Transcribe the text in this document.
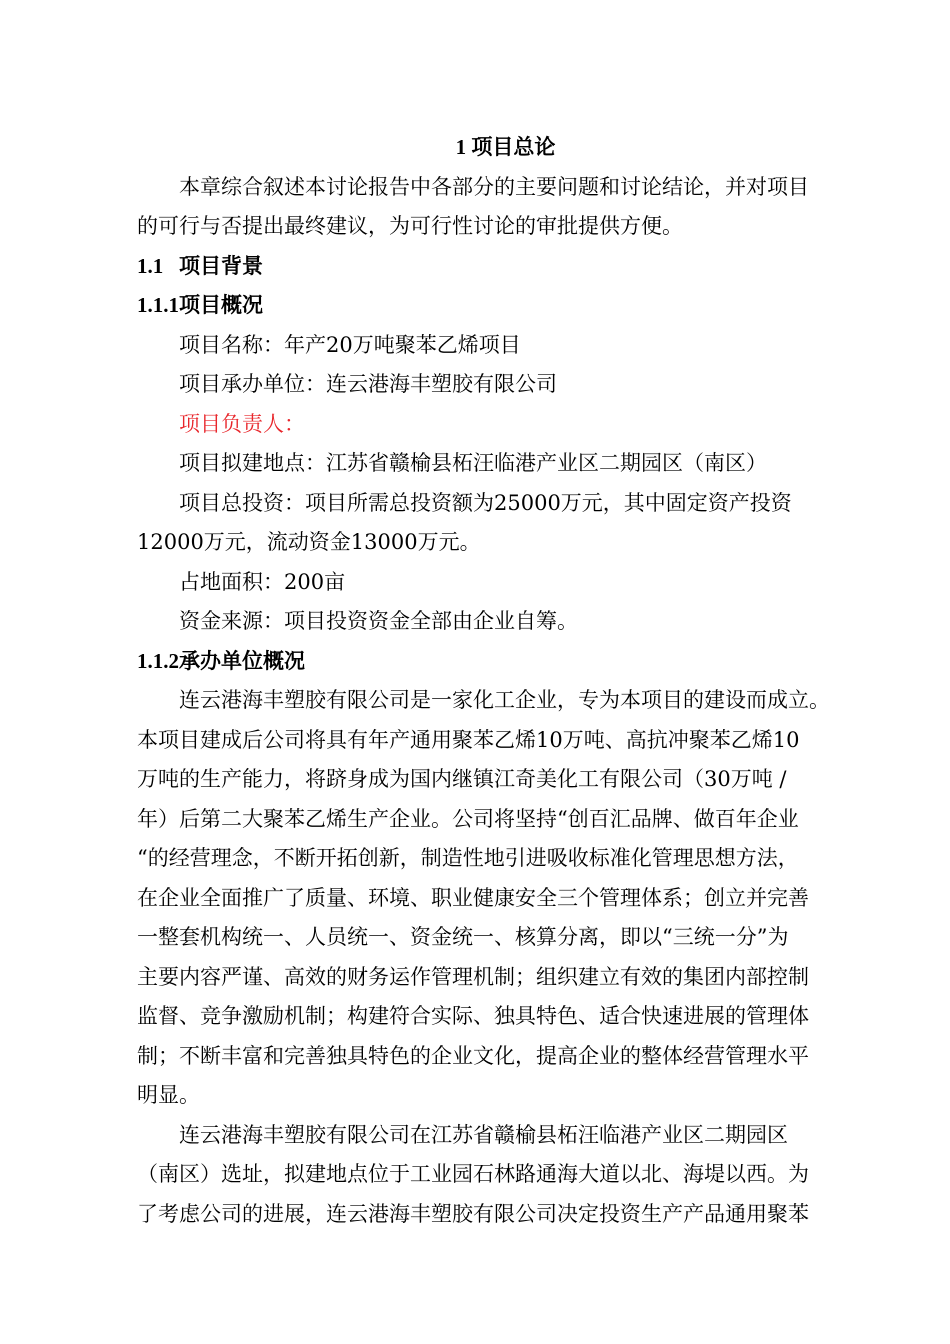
1 项目总论
本章综合叙述本讨论报告中各部分的主要问题和讨论结论，并对项目
的可行与否提出最终建议，为可行性讨论的审批提供方便。
1.1   项目背景
1.1.1项目概况
项目名称：年产20万吨聚苯乙烯项目
项目承办单位：连云港海丰塑胶有限公司
项目负责人：
项目拟建地点：江苏省赣榆县柘汪临港产业区二期园区（南区）
项目总投资：项目所需总投资额为25000万元，其中固定资产投资
12000万元，流动资金13000万元。
占地面积：200亩
资金来源：项目投资资金全部由企业自筹。
1.1.2承办单位概况
连云港海丰塑胶有限公司是一家化工企业，专为本项目的建设而成立。
本项目建成后公司将具有年产通用聚苯乙烯10万吨、高抗冲聚苯乙烯10
万吨的生产能力，将跻身成为国内继镇江奇美化工有限公司（30万吨 /
年）后第二大聚苯乙烯生产企业。公司将坚持“创百汇品牌、做百年企业
“的经营理念，不断开拓创新，制造性地引进吸收标准化管理思想方法，
在企业全面推广了质量、环境、职业健康安全三个管理体系；创立并完善
一整套机构统一、人员统一、资金统一、核算分离，即以“三统一分”为
主要内容严谨、高效的财务运作管理机制；组织建立有效的集团内部控制
监督、竞争激励机制；构建符合实际、独具特色、适合快速进展的管理体
制；不断丰富和完善独具特色的企业文化，提高企业的整体经营管理水平
明显。
连云港海丰塑胶有限公司在江苏省赣榆县柘汪临港产业区二期园区
（南区）选址，拟建地点位于工业园石林路通海大道以北、海堤以西。为
了考虑公司的进展，连云港海丰塑胶有限公司决定投资生产产品通用聚苯
